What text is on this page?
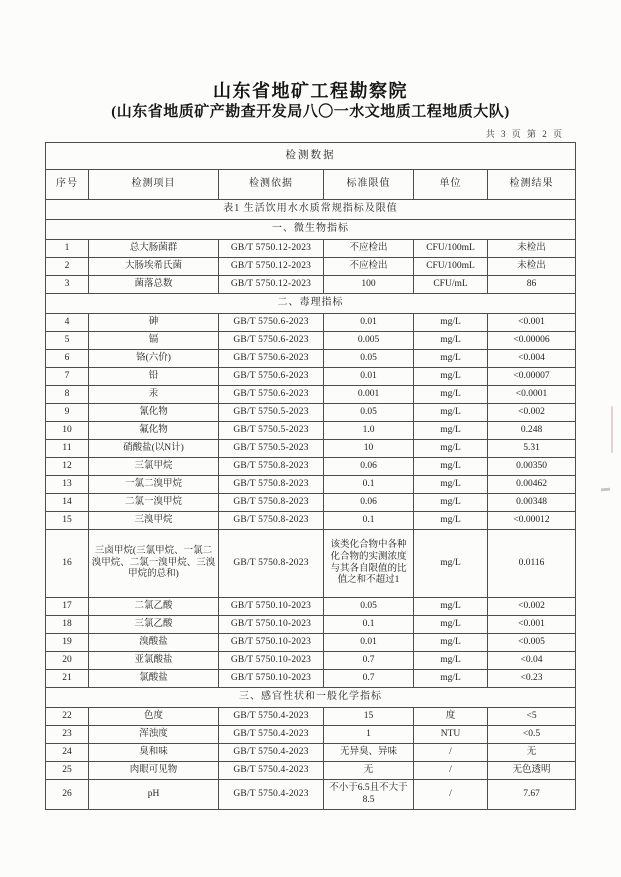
山东省地矿工程勘察院
(山东省地质矿产勘查开发局八〇一水文地质工程地质大队)
共 3 页 第 2 页
检测数据					
序号	检测项目	检测依据	标准限值	单位	检测结果
表1 生活饮用水水质常规指标及限值					
一、微生物指标					
1	总大肠菌群	GB/T 5750.12-2023	不应检出	CFU/100mL	未检出
2	大肠埃希氏菌	GB/T 5750.12-2023	不应检出	CFU/100mL	未检出
3	菌落总数	GB/T 5750.12-2023	100	CFU/mL	86
二、毒理指标					
4	砷	GB/T 5750.6-2023	0.01	mg/L	<0.001
5	镉	GB/T 5750.6-2023	0.005	mg/L	<0.00006
6	铬(六价)	GB/T 5750.6-2023	0.05	mg/L	<0.004
7	铅	GB/T 5750.6-2023	0.01	mg/L	<0.00007
8	汞	GB/T 5750.6-2023	0.001	mg/L	<0.0001
9	氰化物	GB/T 5750.5-2023	0.05	mg/L	<0.002
10	氟化物	GB/T 5750.5-2023	1.0	mg/L	0.248
11	硝酸盐(以N计)	GB/T 5750.5-2023	10	mg/L	5.31
12	三氯甲烷	GB/T 5750.8-2023	0.06	mg/L	0.00350
13	一氯二溴甲烷	GB/T 5750.8-2023	0.1	mg/L	0.00462
14	二氯一溴甲烷	GB/T 5750.8-2023	0.06	mg/L	0.00348
15	三溴甲烷	GB/T 5750.8-2023	0.1	mg/L	<0.00012
16	三卤甲烷(三氯甲烷、一氯二溴甲烷、二氯一溴甲烷、三溴甲烷的总和)	GB/T 5750.8-2023	该类化合物中各种化合物的实测浓度与其各自限值的比值之和不超过1	mg/L	0.0116
17	二氯乙酸	GB/T 5750.10-2023	0.05	mg/L	<0.002
18	三氯乙酸	GB/T 5750.10-2023	0.1	mg/L	<0.001
19	溴酸盐	GB/T 5750.10-2023	0.01	mg/L	<0.005
20	亚氯酸盐	GB/T 5750.10-2023	0.7	mg/L	<0.04
21	氯酸盐	GB/T 5750.10-2023	0.7	mg/L	<0.23
三、感官性状和一般化学指标					
22	色度	GB/T 5750.4-2023	15	度	<5
23	浑浊度	GB/T 5750.4-2023	1	NTU	<0.5
24	臭和味	GB/T 5750.4-2023	无异臭、异味	/	无
25	肉眼可见物	GB/T 5750.4-2023	无	/	无色透明
26	pH	GB/T 5750.4-2023	不小于6.5且不大于8.5	/	7.67
